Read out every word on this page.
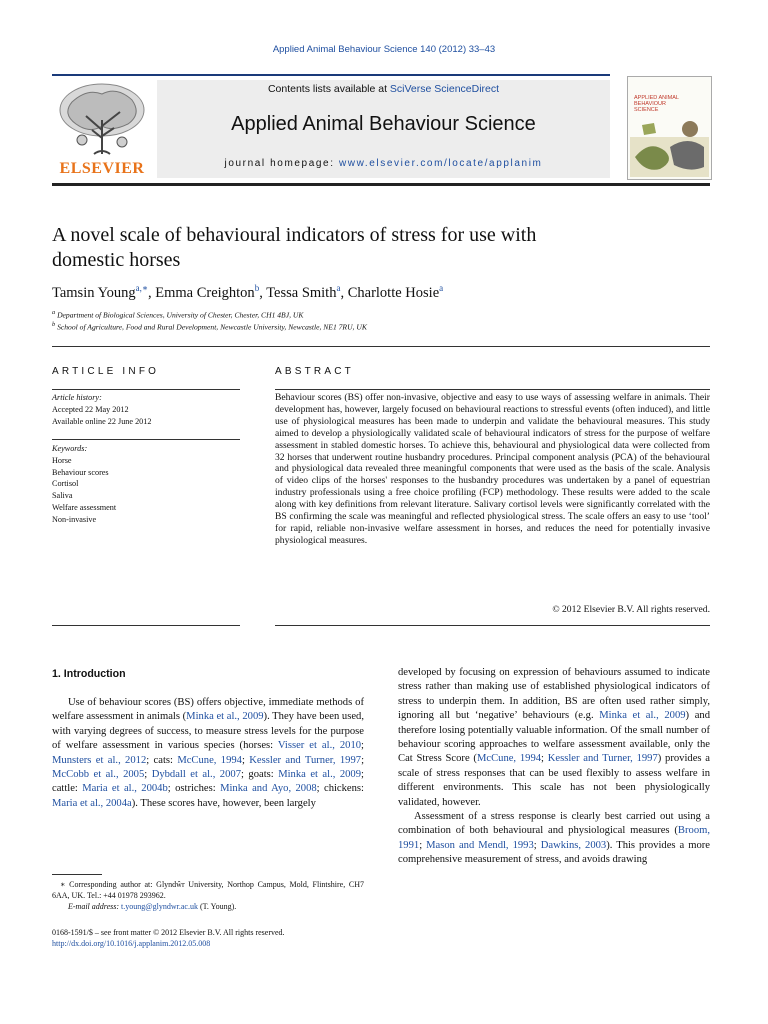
Applied Animal Behaviour Science 140 (2012) 33–43
ELSEVIER
Contents lists available at SciVerse ScienceDirect
Applied Animal Behaviour Science
journal homepage: www.elsevier.com/locate/applanim
APPLIED ANIMAL BEHAVIOUR SCIENCE
A novel scale of behavioural indicators of stress for use with domestic horses
Tamsin Young$^{a,∗}$, Emma Creighton$^b$, Tessa Smith$^a$, Charlotte Hosie$^a$
$^a$ Department of Biological Sciences, University of Chester, Chester, CH1 4BJ, UK
$^b$ School of Agriculture, Food and Rural Development, Newcastle University, Newcastle, NE1 7RU, UK
ARTICLE INFO
Article history:
Accepted 22 May 2012
Available online 22 June 2012
Keywords:
Horse
Behaviour scores
Cortisol
Saliva
Welfare assessment
Non-invasive
ABSTRACT
Behaviour scores (BS) offer non-invasive, objective and easy to use ways of assessing welfare in animals. Their development has, however, largely focused on behavioural reactions to stressful events (often induced), and little use of physiological measures has been made to underpin and validate the behavioural measures. This study aimed to develop a physiologically validated scale of behavioural indicators of stress for the purpose of welfare assessment in stabled domestic horses. To achieve this, behavioural and physiological data were collected from 32 horses that underwent routine husbandry procedures. Principal component analysis (PCA) of the behavioural and physiological data revealed three meaningful components that were used as the basis of the scale. Analysis of video clips of the horses' responses to the husbandry procedures was undertaken by a panel of equestrian industry professionals using a free choice profiling (FCP) methodology. These results were added to the scale along with key definitions from relevant literature. Salivary cortisol levels were significantly correlated with the BS confirming the scale was meaningful and reflected physiological stress. The scale offers an easy to use ‘tool’ for rapid, reliable non-invasive welfare assessment in horses, and reduces the need for potentially invasive physiological measures.
© 2012 Elsevier B.V. All rights reserved.
1. Introduction

Use of behaviour scores (BS) offers objective, immediate methods of welfare assessment in animals (Minka et al., 2009). They have been used, with varying degrees of success, to measure stress levels for the purpose of welfare assessment in various species (horses: Visser et al., 2010; Munsters et al., 2012; cats: McCune, 1994; Kessler and Turner, 1997; McCobb et al., 2005; Dybdall et al., 2007; goats: Minka et al., 2009; cattle: Maria et al., 2004b; ostriches: Minka and Ayo, 2008; chickens: Maria et al., 2004a). These scores have, however, been largely

developed by focusing on expression of behaviours assumed to indicate stress rather than making use of established physiological indicators of stress to underpin them. In addition, BS are often used rather simply, ignoring all but ‘negative’ behaviours (e.g. Minka et al., 2009) and therefore losing potentially valuable information. Of the small number of behaviour scoring approaches to welfare assessment available, only the Cat Stress Score (McCune, 1994; Kessler and Turner, 1997) provides a scale of stress responses that can be used flexibly to assess welfare in different environments. This scale has not been physiologically validated, however.

Assessment of a stress response is clearly best carried out using a combination of both behavioural and physiological measures (Broom, 1991; Mason and Mendl, 1993; Dawkins, 2003). This provides a more comprehensive measurement of stress, and avoids drawing

∗ Corresponding author at: Glyndŵr University, Northop Campus, Mold, Flintshire, CH7 6AA, UK. Tel.: +44 01978 293962.
E-mail address: t.young@glyndwr.ac.uk (T. Young).
0168-1591/$ – see front matter © 2012 Elsevier B.V. All rights reserved.
http://dx.doi.org/10.1016/j.applanim.2012.05.008
